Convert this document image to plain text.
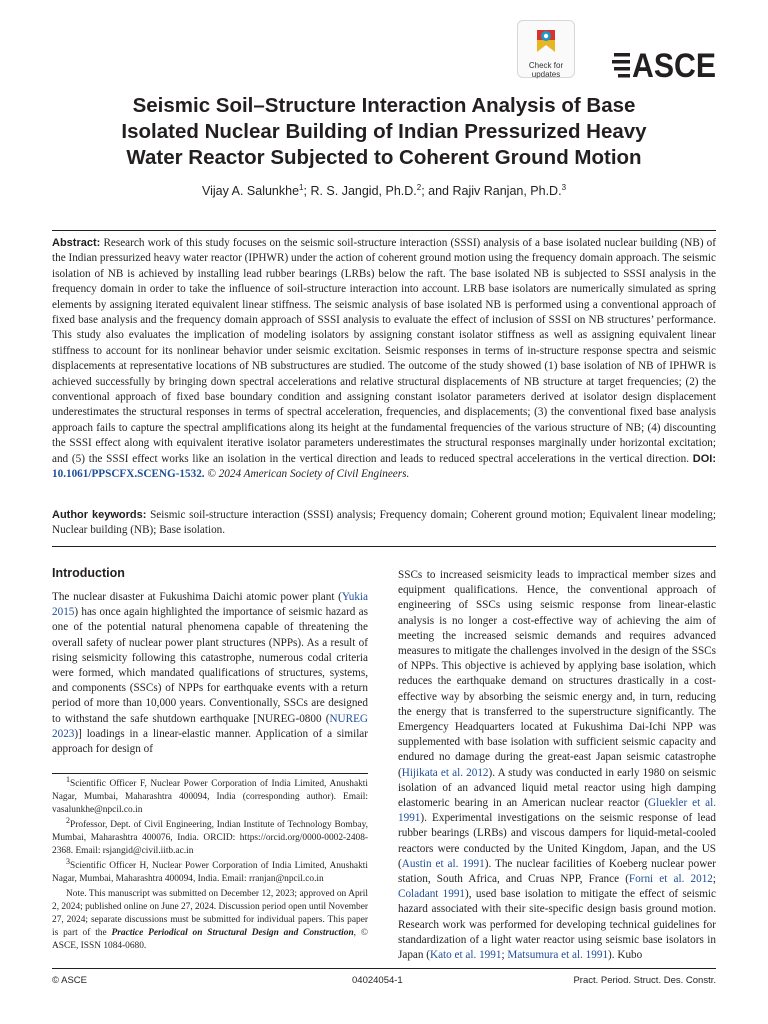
Check for updates	ASCE
Seismic Soil–Structure Interaction Analysis of Base
Isolated Nuclear Building of Indian Pressurized Heavy
Water Reactor Subjected to Coherent Ground Motion
Vijay A. Salunkhe$^1$; R. S. Jangid, Ph.D.$^2$; and Rajiv Ranjan, Ph.D.$^3$

Abstract: Research work of this study focuses on the seismic soil-structure interaction (SSSI) analysis of a base isolated nuclear building (NB) of the Indian pressurized heavy water reactor (IPHWR) under the action of coherent ground motion using the frequency domain approach. The seismic isolation of NB is achieved by installing lead rubber bearings (LRBs) below the raft. The base isolated NB is subjected to SSSI analysis in the frequency domain in order to take the influence of soil-structure interaction into account. LRB base isolators are numerically simulated as spring elements by assigning iterated equivalent linear stiffness. The seismic analysis of base isolated NB is performed using a conventional approach of fixed base analysis and the frequency domain approach of SSSI analysis to evaluate the effect of inclusion of SSSI on NB structures’ performance. This study also evaluates the implication of modeling isolators by assigning constant isolator stiffness as well as assigning equivalent linear stiffness to account for its nonlinear behavior under seismic excitation. Seismic responses in terms of in-structure response spectra and seismic displacements at representative locations of NB substructures are studied. The outcome of the study showed (1) base isolation of NB of IPHWR is achieved successfully by bringing down spectral accelerations and relative structural displacements of NB structure at target frequencies; (2) the conventional approach of fixed base boundary condition and assigning constant isolator parameters derived at isolator design displacement underestimates the structural responses in terms of spectral acceleration, frequencies, and displacements; (3) the conventional fixed base analysis approach fails to capture the spectral amplifications along its height at the fundamental frequencies of the various structure of NB; (4) discounting the SSSI effect along with equivalent iterative isolator parameters underestimates the structural responses marginally under horizontal excitation; and (5) the SSSI effect works like an isolation in the vertical direction and leads to reduced spectral accelerations in the vertical direction. DOI: 10.1061/PPSCFX.SCENG-1532. © 2024 American Society of Civil Engineers.

Author keywords: Seismic soil-structure interaction (SSSI) analysis; Frequency domain; Coherent ground motion; Equivalent linear modeling; Nuclear building (NB); Base isolation.

Introduction

The nuclear disaster at Fukushima Daichi atomic power plant (Yukia 2015) has once again highlighted the importance of seismic hazard as one of the potential natural phenomena capable of threatening the overall safety of nuclear power plant structures (NPPs). As a result of rising seismicity following this catastrophe, numerous codal criteria were formed, which mandated qualifications of structures, systems, and components (SSCs) of NPPs for earthquake events with a return period of more than 10,000 years. Conventionally, SSCs are designed to withstand the safe shutdown earthquake [NUREG-0800 (NUREG 2023)] loadings in a linear-elastic manner. Application of a similar approach for design of

$^1$Scientific Officer F, Nuclear Power Corporation of India Limited, Anushakti Nagar, Mumbai, Maharashtra 400094, India (corresponding author). Email: vasalunkhe@npcil.co.in

$^2$Professor, Dept. of Civil Engineering, Indian Institute of Technology Bombay, Mumbai, Maharashtra 400076, India. ORCID: https://orcid.org/0000-0002-2408-2368. Email: rsjangid@civil.iitb.ac.in

$^3$Scientific Officer H, Nuclear Power Corporation of India Limited, Anushakti Nagar, Mumbai, Maharashtra 400094, India. Email: rranjan@npcil.co.in

Note. This manuscript was submitted on December 12, 2023; approved on April 2, 2024; published online on June 27, 2024. Discussion period open until November 27, 2024; separate discussions must be submitted for individual papers. This paper is part of the Practice Periodical on Structural Design and Construction, © ASCE, ISSN 1084-0680.

SSCs to increased seismicity leads to impractical member sizes and equipment qualifications. Hence, the conventional approach of engineering of SSCs using seismic response from linear-elastic analysis is no longer a cost-effective way of achieving the aim of meeting the increased seismic demands and requires advanced measures to mitigate the challenges involved in the design of the SSCs of NPPs. This objective is achieved by applying base isolation, which reduces the earthquake demand on structures drastically in a cost-effective way by absorbing the seismic energy and, in turn, reducing the energy that is transferred to the superstructure significantly. The Emergency Headquarters located at Fukushima Dai-Ichi NPP was supplemented with base isolation with sufficient seismic capacity and endured no damage during the great-east Japan seismic catastrophe (Hijikata et al. 2012). A study was conducted in early 1980 on seismic isolation of an advanced liquid metal reactor using high damping elastomeric bearing in an American nuclear reactor (Gluekler et al. 1991). Experimental investigations on the seismic response of lead rubber bearings (LRBs) and viscous dampers for liquid-metal-cooled reactors were conducted by the United Kingdom, Japan, and the US (Austin et al. 1991). The nuclear facilities of Koeberg nuclear power station, South Africa, and Cruas NPP, France (Forni et al. 2012; Coladant 1991), used base isolation to mitigate the effect of seismic hazard associated with their site-specific design basis ground motion. Research work was performed for developing technical guidelines for standardization of a light water reactor using seismic base isolators in Japan (Kato et al. 1991; Matsumura et al. 1991). Kubo

© ASCE	04024054-1	Pract. Period. Struct. Des. Constr.
